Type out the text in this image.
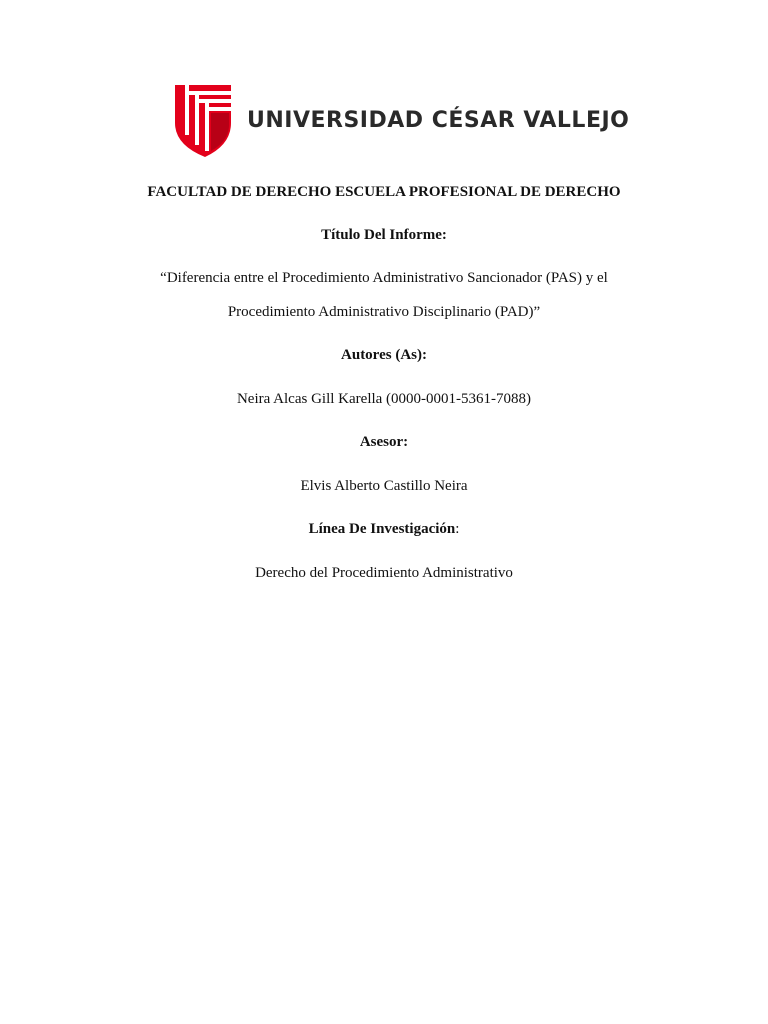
UNIVERSIDAD CÉSAR VALLEJO
FACULTAD DE DERECHO ESCUELA PROFESIONAL DE DERECHO
Título Del Informe:
“Diferencia entre el Procedimiento Administrativo Sancionador (PAS) y el
Procedimiento Administrativo Disciplinario (PAD)”
Autores (As):
Neira Alcas Gill Karella (0000-0001-5361-7088)
Asesor:
Elvis Alberto Castillo Neira
Línea De Investigación:
Derecho del Procedimiento Administrativo
